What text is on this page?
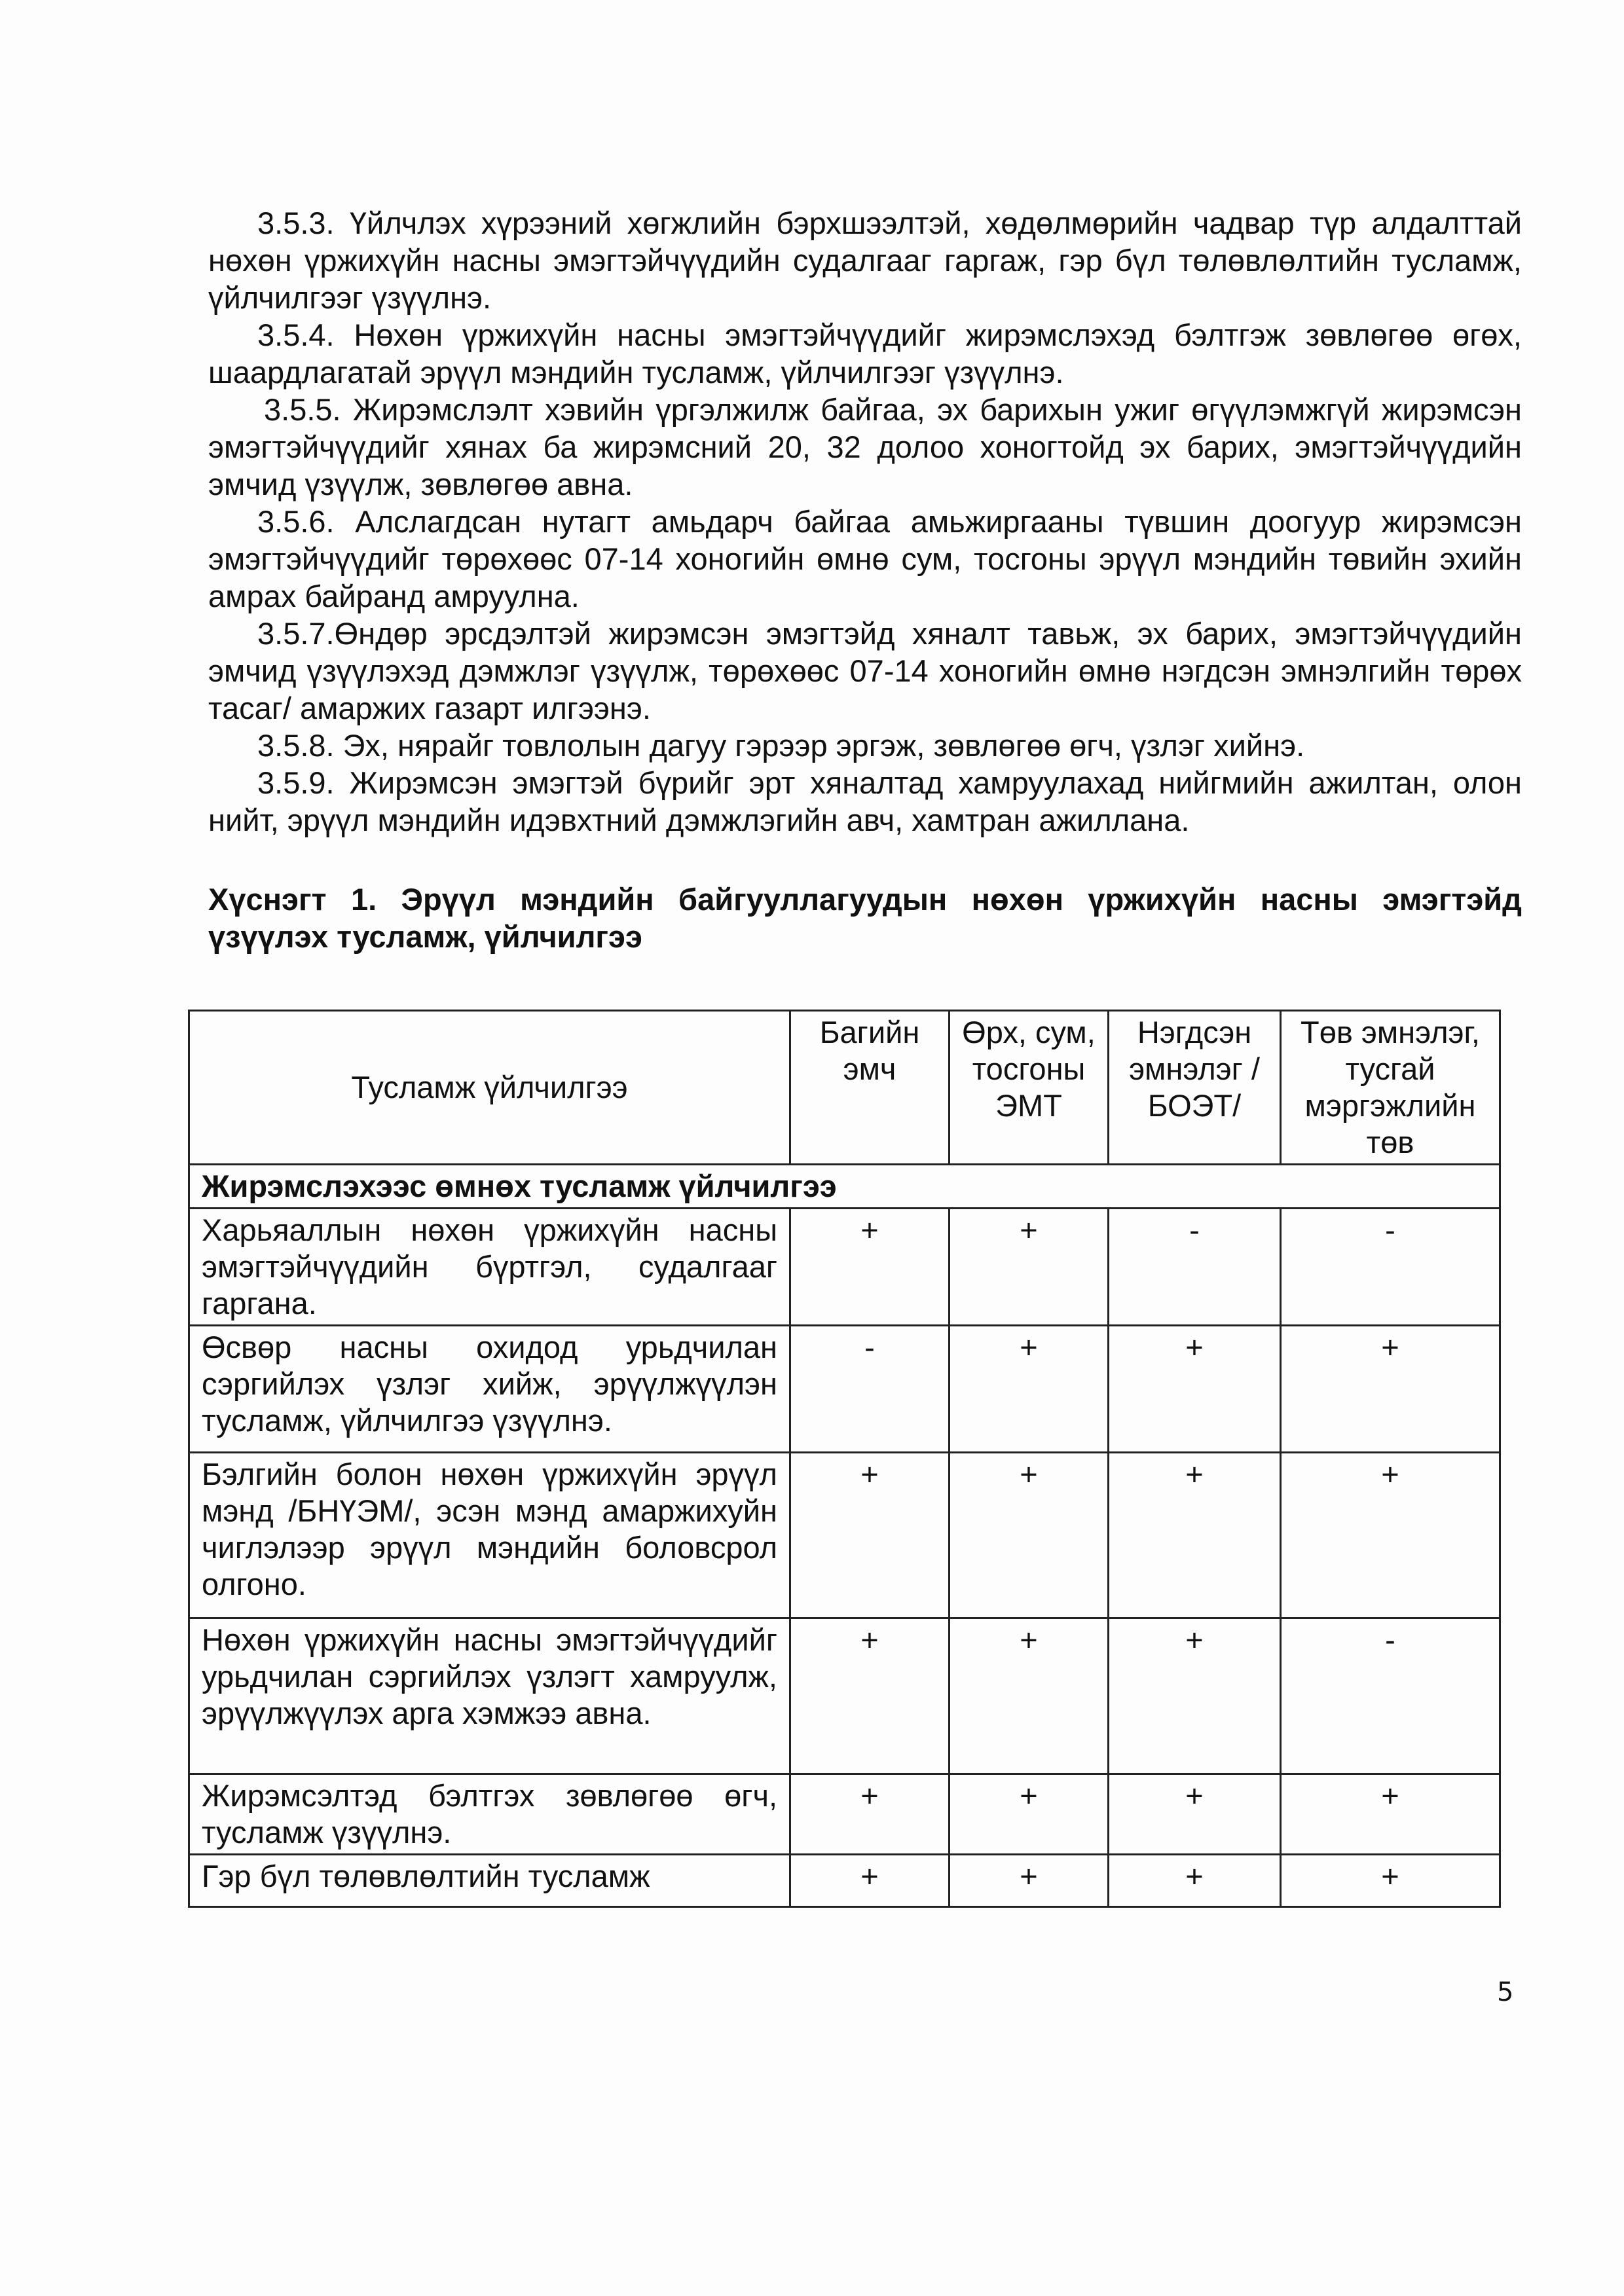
3.5.3. Үйлчлэх хүрээний хөгжлийн бэрхшээлтэй, хөдөлмөрийн чадвар түр алдалттай нөхөн үржихүйн насны эмэгтэйчүүдийн судалгааг гаргаж, гэр бүл төлөвлөлтийн тусламж, үйлчилгээг үзүүлнэ.

3.5.4. Нөхөн үржихүйн насны эмэгтэйчүүдийг жирэмслэхэд бэлтгэж зөвлөгөө өгөх, шаардлагатай эрүүл мэндийн тусламж, үйлчилгээг үзүүлнэ.

3.5.5. Жирэмслэлт хэвийн үргэлжилж байгаа, эх барихын ужиг өгүүлэмжгүй жирэмсэн эмэгтэйчүүдийг хянах ба жирэмсний 20, 32 долоо хоногтойд эх барих, эмэгтэйчүүдийн эмчид үзүүлж, зөвлөгөө авна.

3.5.6. Алслагдсан нутагт амьдарч байгаа амьжиргааны түвшин доогуур жирэмсэн эмэгтэйчүүдийг төрөхөөс 07-14 хоногийн өмнө сум, тосгоны эрүүл мэндийн төвийн эхийн амрах байранд амруулна.

3.5.7.Өндөр эрсдэлтэй жирэмсэн эмэгтэйд хяналт тавьж, эх барих, эмэгтэйчүүдийн эмчид үзүүлэхэд дэмжлэг үзүүлж, төрөхөөс 07-14 хоногийн өмнө нэгдсэн эмнэлгийн төрөх тасаг/ амаржих газарт илгээнэ.

3.5.8. Эх, нярайг товлолын дагуу гэрээр эргэж, зөвлөгөө өгч, үзлэг хийнэ.

3.5.9. Жирэмсэн эмэгтэй бүрийг эрт хяналтад хамруулахад нийгмийн ажилтан, олон нийт, эрүүл мэндийн идэвхтний дэмжлэгийн авч, хамтран ажиллана.

Хүснэгт 1. Эрүүл мэндийн байгууллагуудын нөхөн үржихүйн насны эмэгтэйд үзүүлэх тусламж, үйлчилгээ
Тусламж үйлчилгээ	Багийн эмч	Өрх, сум, тосгоны ЭМТ	Нэгдсэн эмнэлэг /БОЭТ/	Төв эмнэлэг, тусгай мэргэжлийн төв
Жирэмслэхээс өмнөх тусламж үйлчилгээ				
Харьяаллын нөхөн үржихүйн насны эмэгтэйчүүдийн бүртгэл, судалгааг гаргана.	+	+	-	-
Өсвөр насны охидод урьдчилан сэргийлэх үзлэг хийж, эрүүлжүүлэн тусламж, үйлчилгээ үзүүлнэ.	-	+	+	+
Бэлгийн болон нөхөн үржихүйн эрүүл мэнд /БНҮЭМ/, эсэн мэнд амаржихуйн чиглэлээр эрүүл мэндийн боловсрол олгоно.	+	+	+	+
Нөхөн үржихүйн насны эмэгтэйчүүдийг урьдчилан сэргийлэх үзлэгт хамруулж, эрүүлжүүлэх арга хэмжээ авна.	+	+	+	-
Жирэмсэлтэд бэлтгэх зөвлөгөө өгч, тусламж үзүүлнэ.	+	+	+	+
Гэр бүл төлөвлөлтийн тусламж	+	+	+	+
5
